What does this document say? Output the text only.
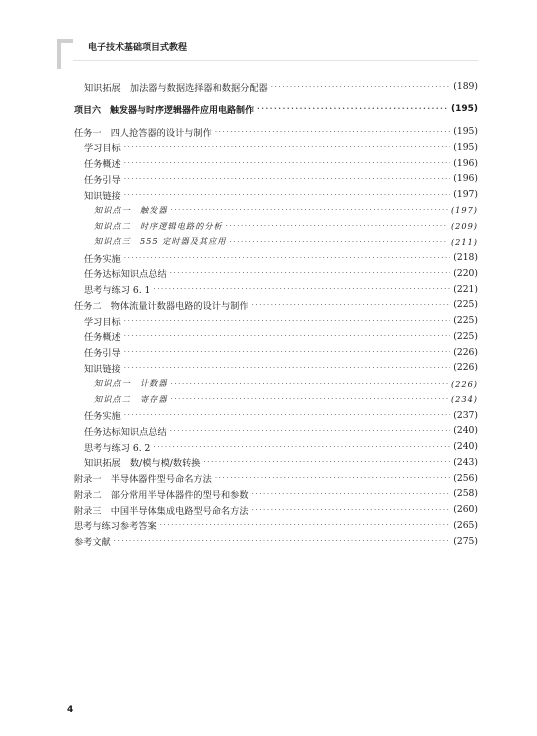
电子技术基础项目式教程
知识拓展　加法器与数据选择器和数据分配器 ·····	(189)
项目六　触发器与时序逻辑器件应用电路制作 ·····	(195)
任务一　四人抢答器的设计与制作 ·····	(195)
学习目标 ·····	(195)
任务概述 ·····	(196)
任务引导 ·····	(196)
知识链接 ·····	(197)
知识点一　触发器 ·····	(197)
知识点二　时序逻辑电路的分析 ·····	(209)
知识点三　555 定时器及其应用 ·····	(211)
任务实施 ·····	(218)
任务达标知识点总结 ·····	(220)
思考与练习 6. 1 ·····	(221)
任务二　物体流量计数器电路的设计与制作 ·····	(225)
学习目标 ·····	(225)
任务概述 ·····	(225)
任务引导 ·····	(226)
知识链接 ·····	(226)
知识点一　计数器 ·····	(226)
知识点二　寄存器 ·····	(234)
任务实施 ·····	(237)
任务达标知识点总结 ·····	(240)
思考与练习 6. 2 ·····	(240)
知识拓展　数/模与模/数转换 ·····	(243)
附录一　半导体器件型号命名方法 ·····	(256)
附录二　部分常用半导体器件的型号和参数 ·····	(258)
附录三　中国半导体集成电路型号命名方法 ·····	(260)
思考与练习参考答案 ·····	(265)
参考文献 ·····	(275)
4
